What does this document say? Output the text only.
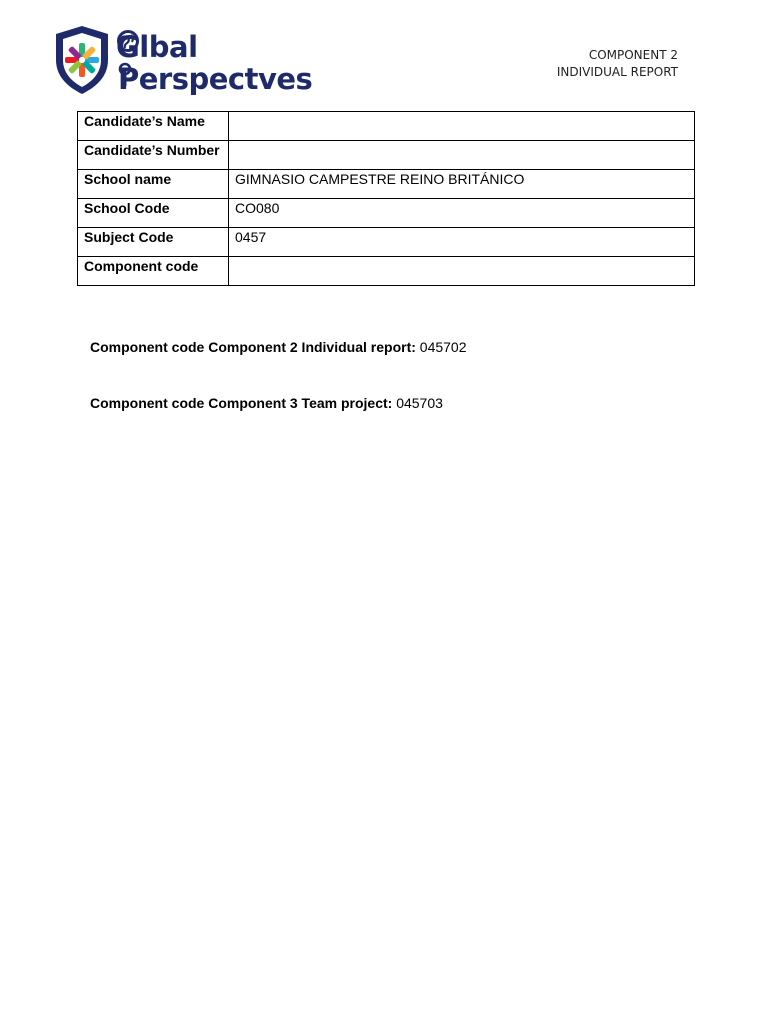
Gl
bal
Perspect
ves
COMPONENT 2
INDIVIDUAL REPORT
Candidate’s Name	
Candidate’s Number	
School name	GIMNASIO CAMPESTRE REINO BRITÁNICO
School Code	CO080
Subject Code	0457
Component code	
Component code Component 2 Individual report: 045702
Component code Component 3 Team project: 045703
